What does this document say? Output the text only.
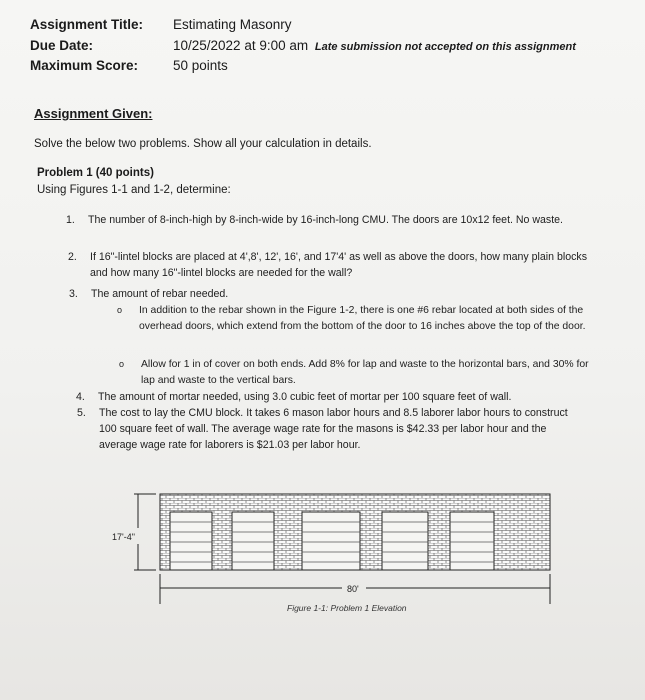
Assignment Title: Estimating Masonry
Due Date:	10/25/2022 at 9:00 am Late submission not accepted on this assignment
Maximum Score:	50 points
Assignment Given:
Solve the below two problems. Show all your calculation in details.
Problem 1 (40 points)
Using Figures 1-1 and 1-2, determine:
1. The number of 8-inch-high by 8-inch-wide by 16-inch-long CMU. The doors are 10x12 feet. No waste.
2. If 16"-lintel blocks are placed at 4',8', 12', 16', and 17'4' as well as above the doors, how many plain blocks and how many 16"-lintel blocks are needed for the wall?
3. The amount of rebar needed.
o In addition to the rebar shown in the Figure 1-2, there is one #6 rebar located at both sides of the overhead doors, which extend from the bottom of the door to 16 inches above the top of the door.
o Allow for 1 in of cover on both ends. Add 8% for lap and waste to the horizontal bars, and 30% for lap and waste to the vertical bars.
4. The amount of mortar needed, using 3.0 cubic feet of mortar per 100 square feet of wall.
5. The cost to lay the CMU block. It takes 6 mason labor hours and 8.5 laborer labor hours to construct 100 square feet of wall. The average wage rate for the masons is $42.33 per labor hour and the average wage rate for laborers is $21.03 per labor hour.
17'-4"
80'
Figure 1-1: Problem 1 Elevation
